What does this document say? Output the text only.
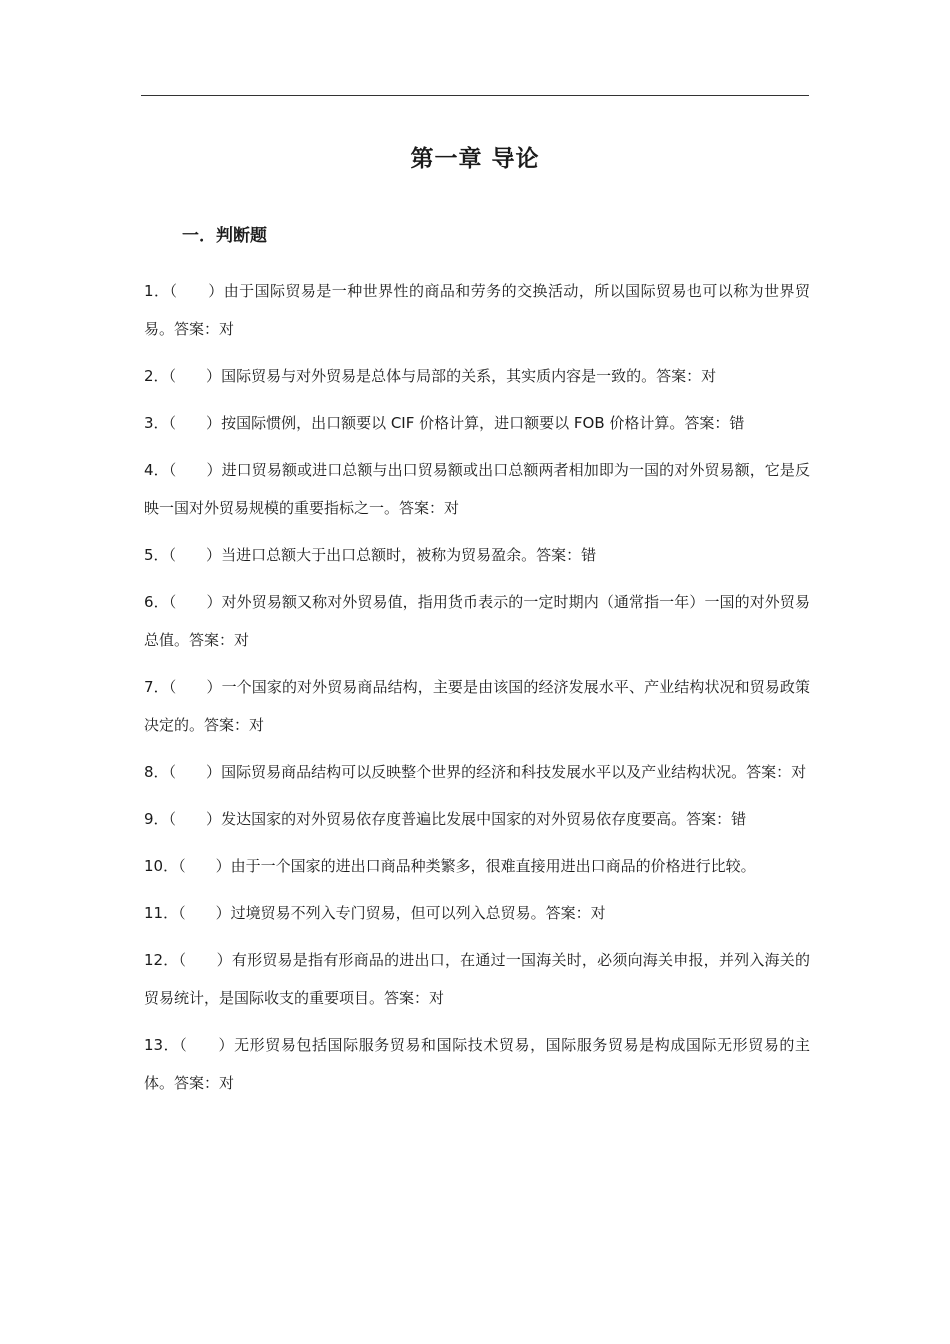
第一章 导论
一．判断题
1．（　　）由于国际贸易是一种世界性的商品和劳务的交换活动，所以国际贸易也可以称为世界贸易。答案：对
2．（　　）国际贸易与对外贸易是总体与局部的关系，其实质内容是一致的。答案：对
3．（　　）按国际惯例，出口额要以 CIF 价格计算，进口额要以 FOB 价格计算。答案：错
4．（　　）进口贸易额或进口总额与出口贸易额或出口总额两者相加即为一国的对外贸易额，它是反映一国对外贸易规模的重要指标之一。答案：对
5．（　　）当进口总额大于出口总额时，被称为贸易盈余。答案：错
6．（　　）对外贸易额又称对外贸易值，指用货币表示的一定时期内（通常指一年）一国的对外贸易总值。答案：对
7．（　　）一个国家的对外贸易商品结构，主要是由该国的经济发展水平、产业结构状况和贸易政策决定的。答案：对
8．（　　）国际贸易商品结构可以反映整个世界的经济和科技发展水平以及产业结构状况。答案：对
9．（　　）发达国家的对外贸易依存度普遍比发展中国家的对外贸易依存度要高。答案：错
10．（　　）由于一个国家的进出口商品种类繁多，很难直接用进出口商品的价格进行比较。
11．（　　）过境贸易不列入专门贸易，但可以列入总贸易。答案：对
12．（　　）有形贸易是指有形商品的进出口，在通过一国海关时，必须向海关申报，并列入海关的贸易统计，是国际收支的重要项目。答案：对
13．（　　）无形贸易包括国际服务贸易和国际技术贸易，国际服务贸易是构成国际无形贸易的主体。答案：对
